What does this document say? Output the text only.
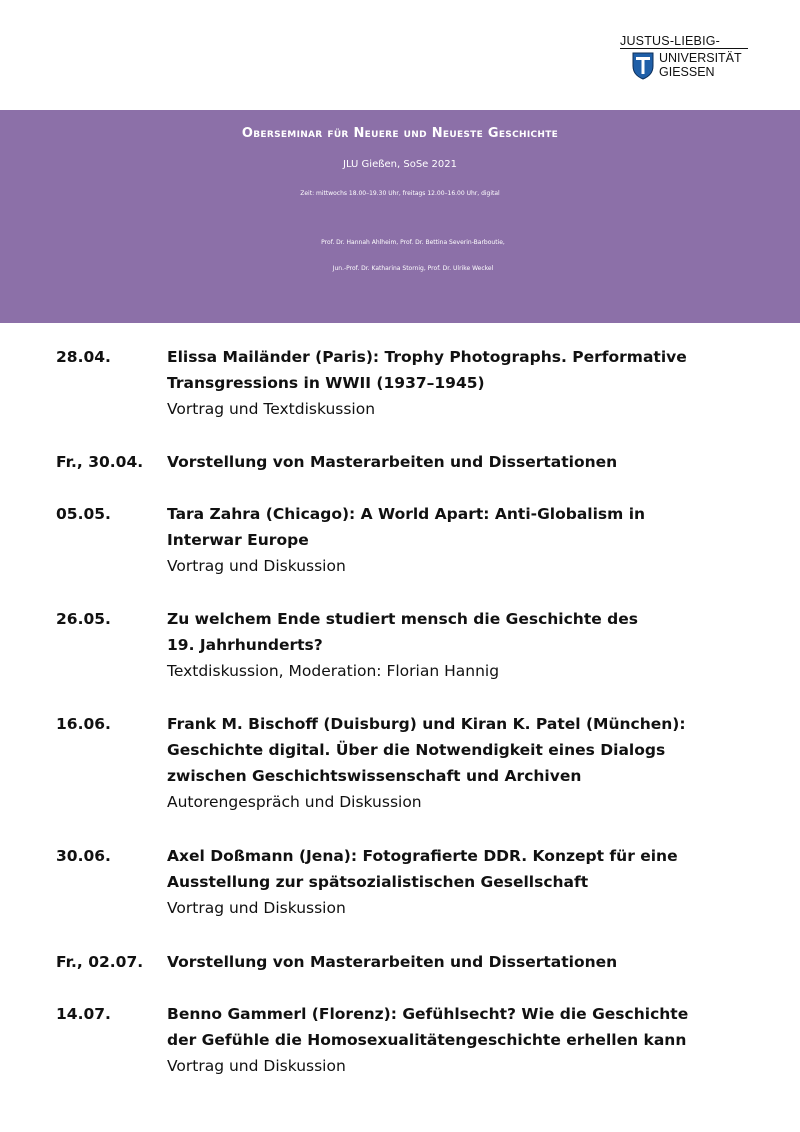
JUSTUS-LIEBIG-
UNIVERSITÄT
GIESSEN
Oberseminar für Neuere und Neueste Geschichte
JLU Gießen, SoSe 2021
Zeit: mittwochs 18.00–19.30 Uhr, freitags 12.00–16.00 Uhr, digital
Prof. Dr. Hannah Ahlheim, Prof. Dr. Bettina Severin-Barboutie,
Jun.-Prof. Dr. Katharina Stornig, Prof. Dr. Ulrike Weckel
28.04.	Elissa Mailänder (Paris): Trophy Photographs. Performative
Transgressions in WWII (1937–1945)
Vortrag und Textdiskussion
Fr., 30.04. Vorstellung von Masterarbeiten und Dissertationen
05.05.	Tara Zahra (Chicago): A World Apart: Anti-Globalism in
Interwar Europe
Vortrag und Diskussion
26.05.	Zu welchem Ende studiert mensch die Geschichte des
19. Jahrhunderts?
Textdiskussion, Moderation: Florian Hannig
16.06.	Frank M. Bischoff (Duisburg) und Kiran K. Patel (München):
Geschichte digital. Über die Notwendigkeit eines Dialogs
zwischen Geschichtswissenschaft und Archiven
Autorengespräch und Diskussion
30.06.	Axel Doßmann (Jena): Fotografierte DDR. Konzept für eine
Ausstellung zur spätsozialistischen Gesellschaft
Vortrag und Diskussion
Fr., 02.07. Vorstellung von Masterarbeiten und Dissertationen
14.07.	Benno Gammerl (Florenz): Gefühlsecht? Wie die Geschichte
der Gefühle die Homosexualitätengeschichte erhellen kann
Vortrag und Diskussion
